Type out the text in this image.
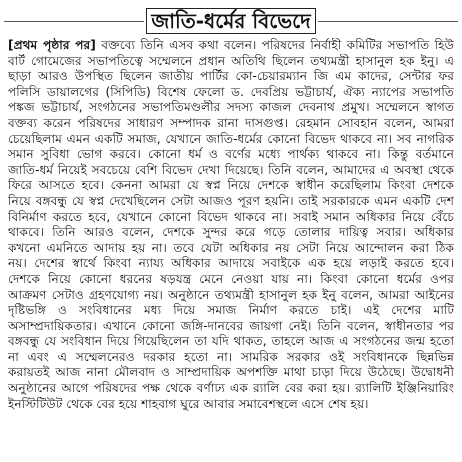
জাতি-ধর্মের বিভেদে
[প্রথম পৃষ্ঠার পর] বক্তব্যে তিনি এসব কথা বলেন। পরিষদের নির্বাহী কমিটির সভাপতি হিউ
বার্ট গোমেজের সভাপতিত্বে সম্মেলনে প্রধান অতিথি ছিলেন তথ্যমন্ত্রী হাসানুল হক ইনু। এ
ছাড়া আরও উপস্থিত ছিলেন জাতীয় পার্টির কো-চেয়ারম্যান জি এম কাদের, সেন্টার ফর
পলিসি ডায়ালগের (সিপিডি) বিশেষ ফেলো ড. দেবপ্রিয় ভট্টাচার্য, ঐক্য ন্যাপের সভাপতি
পঙ্কজ ভট্টাচার্য, সংগঠনের সভাপতিমণ্ডলীর সদস্য কাজল দেবনাথ প্রমুখ। সম্মেলনে স্বাগত
বক্তব্য করেন পরিষদের সাধারণ সম্পাদক রানা দাসগুপ্ত। রেহমান সোবহান বলেন, আমরা
চেয়েছিলাম এমন একটি সমাজ, যেখানে জাতি-ধর্মের কোনো বিভেদ থাকবে না। সব নাগরিক
সমান সুবিধা ভোগ করবে। কোনো ধর্ম ও বর্ণের মধ্যে পার্থক্য থাকবে না। কিন্তু বর্তমানে
জাতি-ধর্ম নিয়েই সবচেয়ে বেশি বিভেদ দেখা দিয়েছে। তিনি বলেন, আমাদের এ অবস্থা থেকে
ফিরে আসতে হবে। কেননা আমরা যে স্বপ্ন নিয়ে দেশকে স্বাধীন করেছিলাম কিংবা দেশকে
নিয়ে বঙ্গবন্ধু যে স্বপ্ন দেখেছিলেন সেটা আজও পূরণ হয়নি। তাই সরকারকে এমন একটি দেশ
বিনির্মাণ করতে হবে, যেখানে কোনো বিভেদ থাকবে না। সবাই সমান অধিকার নিয়ে বেঁচে
থাকবে। তিনি আরও বলেন, দেশকে সুন্দর করে গড়ে তোলার দায়িত্ব সবার। অধিকার
কখনো এমনিতে আদায় হয় না। তবে যেটা অধিকার নয় সেটা নিয়ে আন্দোলন করা ঠিক
নয়। দেশের স্বার্থে কিংবা ন্যায্য অধিকার আদায়ে সবাইকে এক হয়ে লড়াই করতে হবে।
দেশকে নিয়ে কোনো ধরনের ষড়যন্ত্র মেনে নেওয়া যায় না। কিংবা কোনো ধর্মের ওপর
আক্রমণ সেটাও গ্রহণযোগ্য নয়। অনুষ্ঠানে তথ্যমন্ত্রী হাসানুল হক ইনু বলেন, আমরা আইনের
দৃষ্টিভঙ্গি ও সংবিধানের মধ্য দিয়ে সমাজ নির্মাণ করতে চাই। এই দেশের মাটি
অসাম্প্রদায়িকতার। এখানে কোনো জঙ্গি-দানবের জায়গা নেই। তিনি বলেন, স্বাধীনতার পর
বঙ্গবন্ধু যে সংবিধান দিয়ে গিয়েছিলেন তা যদি থাকত, তাহলে আজ এ সংগঠনের জন্ম হতো
না এবং এ সম্মেলনেরও দরকার হতো না। সামরিক সরকার ওই সংবিধানকে ছিন্নভিন্ন
করায়তই আজ নানা মৌলবাদ ও সাম্প্রদায়িক অপশক্তি মাথা চাড়া দিয়ে উঠেছে। উদ্বোধনী
অনুষ্ঠানের আগে পরিষদের পক্ষ থেকে বর্ণাঢ্য এক র‍্যালি বের করা হয়। র‍্যালিটি ইঞ্জিনিয়ারিং
ইনস্টিটিউট থেকে বের হয়ে শাহবাগ ঘুরে আবার সমাবেশস্থলে এসে শেষ হয়।
